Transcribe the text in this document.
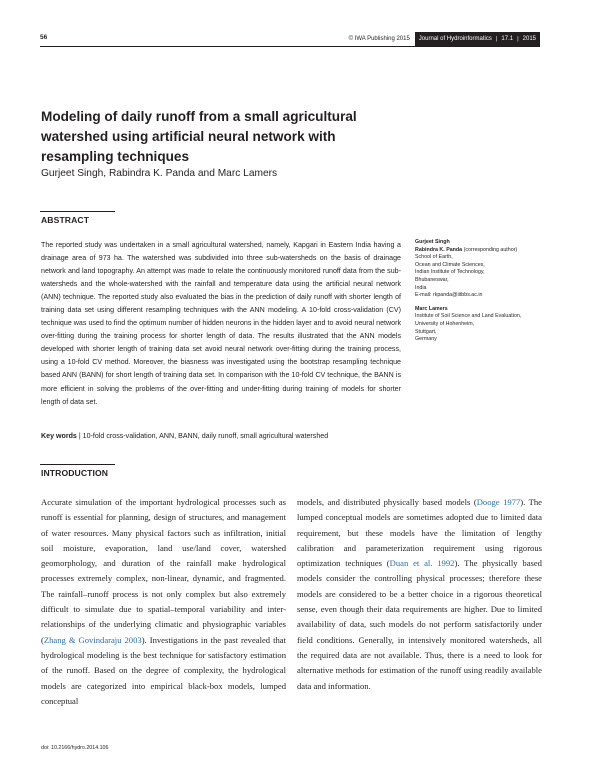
56	© IWA Publishing 2015	Journal of Hydroinformatics | 17.1 | 2015
Modeling of daily runoff from a small agricultural watershed using artificial neural network with resampling techniques

Gurjeet Singh, Rabindra K. Panda and Marc Lamers

ABSTRACT

The reported study was undertaken in a small agricultural watershed, namely, Kapgari in Eastern India having a drainage area of 973 ha. The watershed was subdivided into three sub-watersheds on the basis of drainage network and land topography. An attempt was made to relate the continuously monitored runoff data from the sub-watersheds and the whole-watershed with the rainfall and temperature data using the artificial neural network (ANN) technique. The reported study also evaluated the bias in the prediction of daily runoff with shorter length of training data set using different resampling techniques with the ANN modeling. A 10-fold cross-validation (CV) technique was used to find the optimum number of hidden neurons in the hidden layer and to avoid neural network over-fitting during the training process for shorter length of data. The results illustrated that the ANN models developed with shorter length of training data set avoid neural network over-fitting during the training process, using a 10-fold CV method. Moreover, the biasness was investigated using the bootstrap resampling technique based ANN (BANN) for short length of training data set. In comparison with the 10-fold CV technique, the BANN is more efficient in solving the problems of the over-fitting and under-fitting during training of models for shorter length of data set.

Key words | 10-fold cross-validation, ANN, BANN, daily runoff, small agricultural watershed

Gurjeet Singh
Rabindra K. Panda (corresponding author)
School of Earth,
Ocean and Climate Sciences,
Indian Institute of Technology,
Bhubaneswar,
India
E-mail: rkpanda@iitbbs.ac.in
Marc Lamers
Institute of Soil Science and Land Evaluation,
University of Hohenheim,
Stuttgart,
Germany
INTRODUCTION

Accurate simulation of the important hydrological processes such as runoff is essential for planning, design of structures, and management of water resources. Many physical factors such as infiltration, initial soil moisture, evaporation, land use/land cover, watershed geomorphology, and duration of the rainfall make hydrological processes extremely complex, non-linear, dynamic, and fragmented. The rainfall–runoff process is not only complex but also extremely difficult to simulate due to spatial–temporal variability and inter-relationships of the underlying climatic and physiographic variables (Zhang & Govindaraju 2003). Investigations in the past revealed that hydrological modeling is the best technique for satisfactory estimation of the runoff. Based on the degree of complexity, the hydrological models are categorized into empirical black-box models, lumped conceptual

models, and distributed physically based models (Dooge 1977). The lumped conceptual models are sometimes adopted due to limited data requirement, but these models have the limitation of lengthy calibration and parameterization requirement using rigorous optimization techniques (Duan et al. 1992). The physically based models consider the controlling physical processes; therefore these models are considered to be a better choice in a rigorous theoretical sense, even though their data requirements are higher. Due to limited availability of data, such models do not perform satisfactorily under field conditions. Generally, in intensively monitored watersheds, all the required data are not available. Thus, there is a need to look for alternative methods for estimation of the runoff using readily available data and information.

doi: 10.2166/hydro.2014.106
